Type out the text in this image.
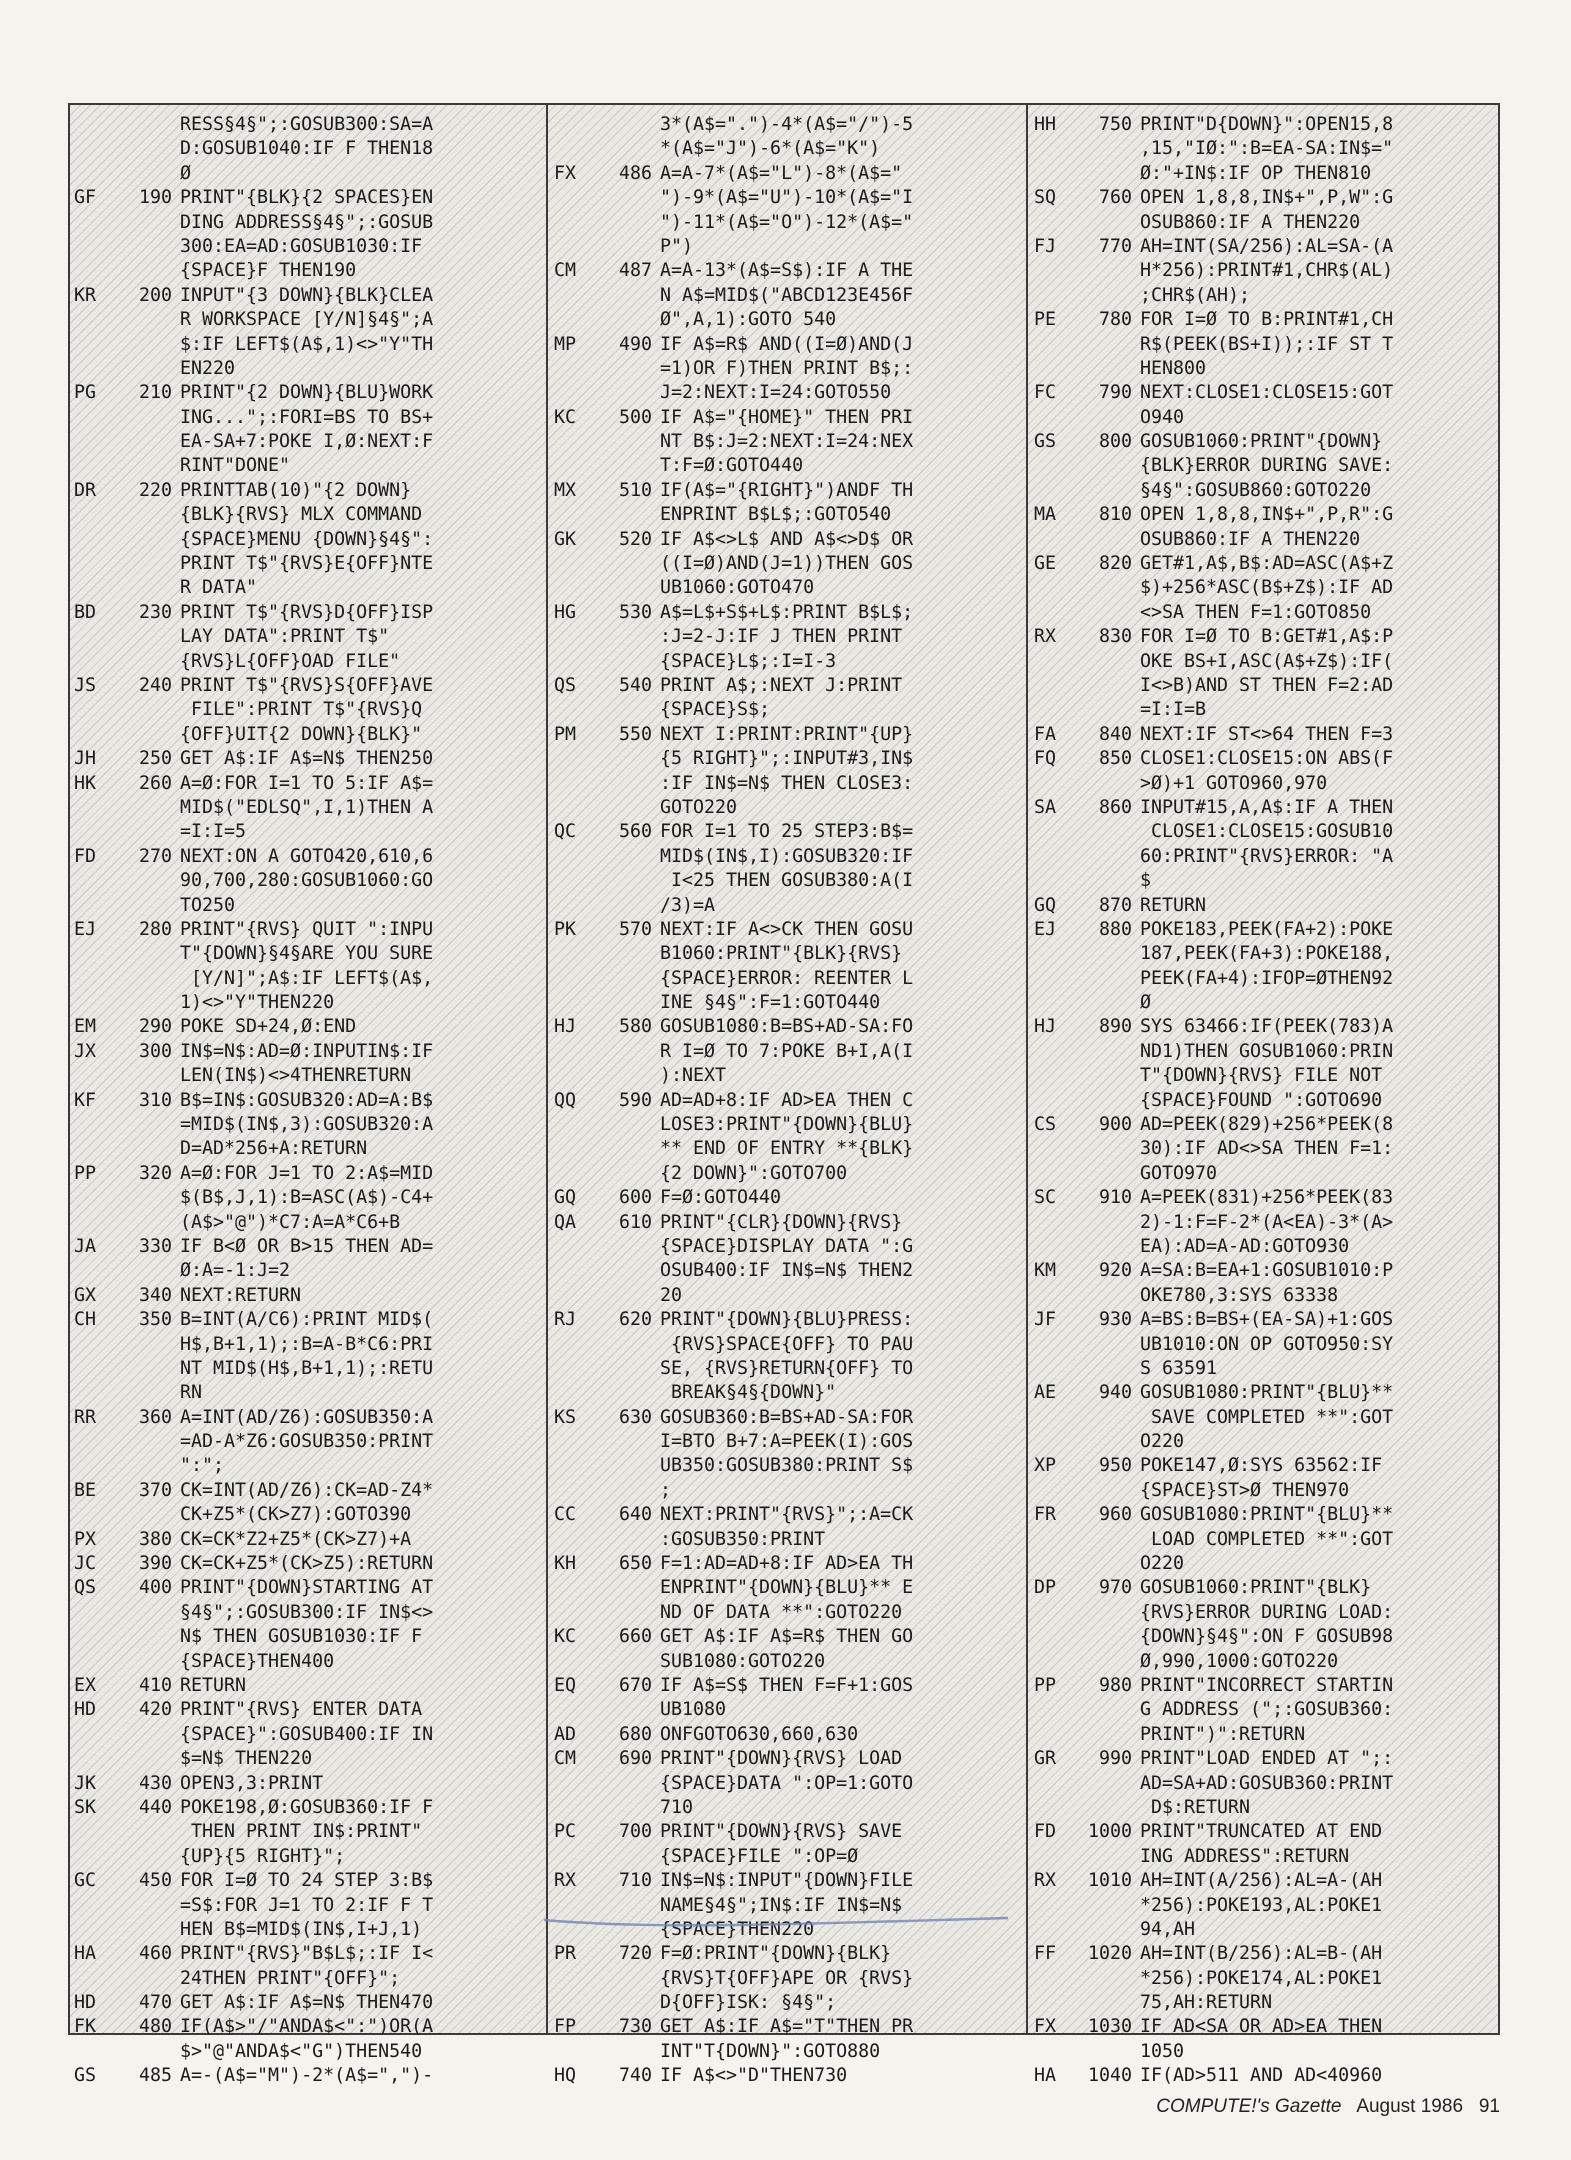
RESS§4§";:GOSUB300:SA=A
D:GOSUB1040:IF F THEN18
Ø
GF	190 PRINT"{BLK}{2 SPACES}EN
DING ADDRESS§4§";:GOSUB
300:EA=AD:GOSUB1030:IF
{SPACE}F THEN190
KR	200 INPUT"{3 DOWN}{BLK}CLEA
R WORKSPACE [Y/N]§4§";A
$:IF LEFT$(A$,1)<>"Y"TH
EN220
PG	210 PRINT"{2 DOWN}{BLU}WORK
ING...";:FORI=BS TO BS+
EA-SA+7:POKE I,Ø:NEXT:F
RINT"DONE"
DR	220 PRINTTAB(10)"{2 DOWN}
{BLK}{RVS} MLX COMMAND
{SPACE}MENU {DOWN}§4§":
PRINT T$"{RVS}E{OFF}NTE
R DATA"
BD	230 PRINT T$"{RVS}D{OFF}ISP
LAY DATA":PRINT T$"
{RVS}L{OFF}OAD FILE"
JS	240 PRINT T$"{RVS}S{OFF}AVE
FILE":PRINT T$"{RVS}Q
{OFF}UIT{2 DOWN}{BLK}"
JH	250 GET A$:IF A$=N$ THEN250
HK	260 A=Ø:FOR I=1 TO 5:IF A$=
MID$("EDLSQ",I,1)THEN A
=I:I=5
FD	270 NEXT:ON A GOTO420,610,6
90,700,280:GOSUB1060:GO
TO250
EJ	280 PRINT"{RVS} QUIT ":INPU
T"{DOWN}§4§ARE YOU SURE
[Y/N]";A$:IF LEFT$(A$,
1)<>"Y"THEN220
EM	290 POKE SD+24,Ø:END
JX	300 IN$=N$:AD=Ø:INPUTIN$:IF
LEN(IN$)<>4THENRETURN
KF	310 B$=IN$:GOSUB320:AD=A:B$
=MID$(IN$,3):GOSUB320:A
D=AD*256+A:RETURN
PP	320 A=Ø:FOR J=1 TO 2:A$=MID
$(B$,J,1):B=ASC(A$)-C4+
(A$>"@")*C7:A=A*C6+B
JA	330 IF B<Ø OR B>15 THEN AD=
Ø:A=-1:J=2
GX	340 NEXT:RETURN
CH	350 B=INT(A/C6):PRINT MID$(
H$,B+1,1);:B=A-B*C6:PRI
NT MID$(H$,B+1,1);:RETU
RN
RR	360 A=INT(AD/Z6):GOSUB350:A
=AD-A*Z6:GOSUB350:PRINT
":";
BE	370 CK=INT(AD/Z6):CK=AD-Z4*
CK+Z5*(CK>Z7):GOTO390
PX	380 CK=CK*Z2+Z5*(CK>Z7)+A
JC	390 CK=CK+Z5*(CK>Z5):RETURN
QS	400 PRINT"{DOWN}STARTING AT
§4§";:GOSUB300:IF IN$<>
N$ THEN GOSUB1030:IF F
{SPACE}THEN400
EX	410 RETURN
HD	420 PRINT"{RVS} ENTER DATA
{SPACE}":GOSUB400:IF IN
$=N$ THEN220
JK	430 OPEN3,3:PRINT
SK	440 POKE198,Ø:GOSUB360:IF F
THEN PRINT IN$:PRINT"
{UP}{5 RIGHT}";
GC	450 FOR I=Ø TO 24 STEP 3:B$
=S$:FOR J=1 TO 2:IF F T
HEN B$=MID$(IN$,I+J,1)
HA	460 PRINT"{RVS}"B$L$;:IF I<
24THEN PRINT"{OFF}";
HD	470 GET A$:IF A$=N$ THEN470
FK	480 IF(A$>"/"ANDA$<":")OR(A
$>"@"ANDA$<"G")THEN540
GS	485 A=-(A$="M")-2*(A$=",")-
3*(A$=".")-4*(A$="/")-5
*(A$="J")-6*(A$="K")
FX	486 A=A-7*(A$="L")-8*(A$="
")-9*(A$="U")-10*(A$="I
")-11*(A$="O")-12*(A$="
P")
CM	487 A=A-13*(A$=S$):IF A THE
N A$=MID$("ABCD123E456F
Ø",A,1):GOTO 540
MP	490 IF A$=R$ AND((I=Ø)AND(J
=1)OR F)THEN PRINT B$;:
J=2:NEXT:I=24:GOTO550
KC	500 IF A$="{HOME}" THEN PRI
NT B$:J=2:NEXT:I=24:NEX
T:F=Ø:GOTO440
MX	510 IF(A$="{RIGHT}")ANDF TH
ENPRINT B$L$;:GOTO540
GK	520 IF A$<>L$ AND A$<>D$ OR
((I=Ø)AND(J=1))THEN GOS
UB1060:GOTO470
HG	530 A$=L$+S$+L$:PRINT B$L$;
:J=2-J:IF J THEN PRINT
{SPACE}L$;:I=I-3
QS	540 PRINT A$;:NEXT J:PRINT
{SPACE}S$;
PM	550 NEXT I:PRINT:PRINT"{UP}
{5 RIGHT}";:INPUT#3,IN$
:IF IN$=N$ THEN CLOSE3:
GOTO220
QC	560 FOR I=1 TO 25 STEP3:B$=
MID$(IN$,I):GOSUB320:IF
I<25 THEN GOSUB380:A(I
/3)=A
PK	570 NEXT:IF A<>CK THEN GOSU
B1060:PRINT"{BLK}{RVS}
{SPACE}ERROR: REENTER L
INE §4§":F=1:GOTO440
HJ	580 GOSUB1080:B=BS+AD-SA:FO
R I=Ø TO 7:POKE B+I,A(I
):NEXT
QQ	590 AD=AD+8:IF AD>EA THEN C
LOSE3:PRINT"{DOWN}{BLU}
** END OF ENTRY **{BLK}
{2 DOWN}":GOTO700
GQ	600 F=Ø:GOTO440
QA	610 PRINT"{CLR}{DOWN}{RVS}
{SPACE}DISPLAY DATA ":G
OSUB400:IF IN$=N$ THEN2
20
RJ	620 PRINT"{DOWN}{BLU}PRESS:
{RVS}SPACE{OFF} TO PAU
SE, {RVS}RETURN{OFF} TO
BREAK§4§{DOWN}"
KS	630 GOSUB360:B=BS+AD-SA:FOR
I=BTO B+7:A=PEEK(I):GOS
UB350:GOSUB380:PRINT S$
;
CC	640 NEXT:PRINT"{RVS}";:A=CK
:GOSUB350:PRINT
KH	650 F=1:AD=AD+8:IF AD>EA TH
ENPRINT"{DOWN}{BLU}** E
ND OF DATA **":GOTO220
KC	660 GET A$:IF A$=R$ THEN GO
SUB1080:GOTO220
EQ	670 IF A$=S$ THEN F=F+1:GOS
UB1080
AD	680 ONFGOTO630,660,630
CM	690 PRINT"{DOWN}{RVS} LOAD
{SPACE}DATA ":OP=1:GOTO
710
PC	700 PRINT"{DOWN}{RVS} SAVE
{SPACE}FILE ":OP=Ø
RX	710 IN$=N$:INPUT"{DOWN}FILE
NAME§4§";IN$:IF IN$=N$
{SPACE}THEN220
PR	720 F=Ø:PRINT"{DOWN}{BLK}
{RVS}T{OFF}APE OR {RVS}
D{OFF}ISK: §4§";
FP	730 GET A$:IF A$="T"THEN PR
INT"T{DOWN}":GOTO880
HQ	740 IF A$<>"D"THEN730
HH	750 PRINT"D{DOWN}":OPEN15,8
,15,"IØ:":B=EA-SA:IN$="
Ø:"+IN$:IF OP THEN810
SQ	760 OPEN 1,8,8,IN$+",P,W":G
OSUB860:IF A THEN220
FJ	770 AH=INT(SA/256):AL=SA-(A
H*256):PRINT#1,CHR$(AL)
;CHR$(AH);
PE	780 FOR I=Ø TO B:PRINT#1,CH
R$(PEEK(BS+I));:IF ST T
HEN800
FC	790 NEXT:CLOSE1:CLOSE15:GOT
O940
GS	800 GOSUB1060:PRINT"{DOWN}
{BLK}ERROR DURING SAVE:
§4§":GOSUB860:GOTO220
MA	810 OPEN 1,8,8,IN$+",P,R":G
OSUB860:IF A THEN220
GE	820 GET#1,A$,B$:AD=ASC(A$+Z
$)+256*ASC(B$+Z$):IF AD
<>SA THEN F=1:GOTO850
RX	830 FOR I=Ø TO B:GET#1,A$:P
OKE BS+I,ASC(A$+Z$):IF(
I<>B)AND ST THEN F=2:AD
=I:I=B
FA	840 NEXT:IF ST<>64 THEN F=3
FQ	850 CLOSE1:CLOSE15:ON ABS(F
>Ø)+1 GOTO960,970
SA	860 INPUT#15,A,A$:IF A THEN
CLOSE1:CLOSE15:GOSUB10
60:PRINT"{RVS}ERROR: "A
$
GQ	870 RETURN
EJ	880 POKE183,PEEK(FA+2):POKE
187,PEEK(FA+3):POKE188,
PEEK(FA+4):IFOP=ØTHEN92
Ø
HJ	890 SYS 63466:IF(PEEK(783)A
ND1)THEN GOSUB1060:PRIN
T"{DOWN}{RVS} FILE NOT
{SPACE}FOUND ":GOTO690
CS	900 AD=PEEK(829)+256*PEEK(8
30):IF AD<>SA THEN F=1:
GOTO970
SC	910 A=PEEK(831)+256*PEEK(83
2)-1:F=F-2*(A<EA)-3*(A>
EA):AD=A-AD:GOTO930
KM	920 A=SA:B=EA+1:GOSUB1010:P
OKE780,3:SYS 63338
JF	930 A=BS:B=BS+(EA-SA)+1:GOS
UB1010:ON OP GOTO950:SY
S 63591
AE	940 GOSUB1080:PRINT"{BLU}**
SAVE COMPLETED **":GOT
O220
XP	950 POKE147,Ø:SYS 63562:IF
{SPACE}ST>Ø THEN970
FR	960 GOSUB1080:PRINT"{BLU}**
LOAD COMPLETED **":GOT
O220
DP	970 GOSUB1060:PRINT"{BLK}
{RVS}ERROR DURING LOAD:
{DOWN}§4§":ON F GOSUB98
Ø,990,1000:GOTO220
PP	980 PRINT"INCORRECT STARTIN
G ADDRESS (";:GOSUB360:
PRINT")":RETURN
GR	990 PRINT"LOAD ENDED AT ";:
AD=SA+AD:GOSUB360:PRINT
D$:RETURN
FD	1000 PRINT"TRUNCATED AT END
ING ADDRESS":RETURN
RX	1010 AH=INT(A/256):AL=A-(AH
*256):POKE193,AL:POKE1
94,AH
FF	1020 AH=INT(B/256):AL=B-(AH
*256):POKE174,AL:POKE1
75,AH:RETURN
FX	1030 IF AD<SA OR AD>EA THEN
1050
HA	1040 IF(AD>511 AND AD<40960
COMPUTE!'s Gazette August 1986 91
